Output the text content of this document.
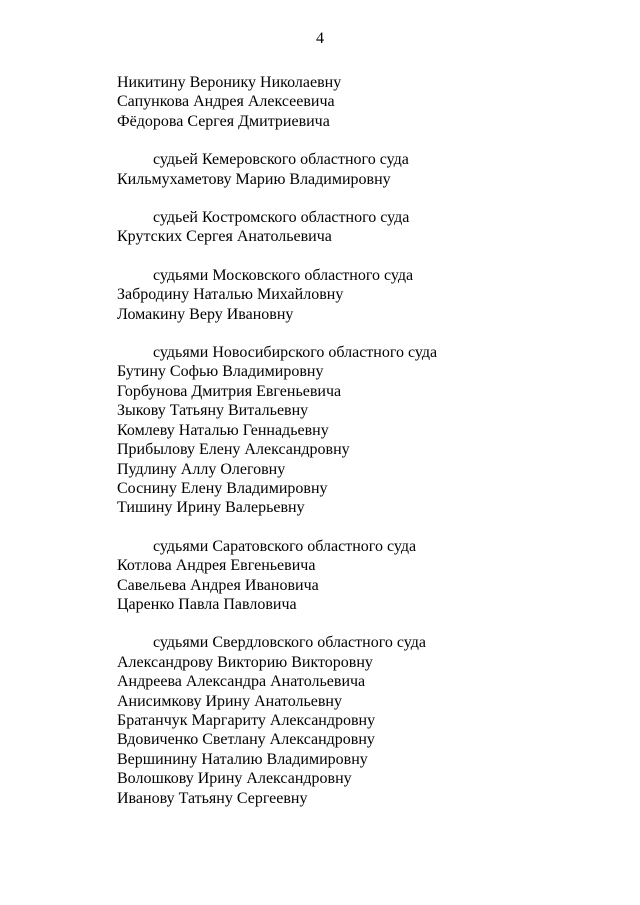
4
Никитину Веронику Николаевну
Сапункова Андрея Алексеевича
Фёдорова Сергея Дмитриевича
судьей Кемеровского областного суда
Кильмухаметову Марию Владимировну
судьей Костромского областного суда
Крутских Сергея Анатольевича
судьями Московского областного суда
Забродину Наталью Михайловну
Ломакину Веру Ивановну
судьями Новосибирского областного суда
Бутину Софью Владимировну
Горбунова Дмитрия Евгеньевича
Зыкову Татьяну Витальевну
Комлеву Наталью Геннадьевну
Прибылову Елену Александровну
Пудлину Аллу Олеговну
Соснину Елену Владимировну
Тишину Ирину Валерьевну
судьями Саратовского областного суда
Котлова Андрея Евгеньевича
Савельева Андрея Ивановича
Царенко Павла Павловича
судьями Свердловского областного суда
Александрову Викторию Викторовну
Андреева Александра Анатольевича
Анисимкову Ирину Анатольевну
Братанчук Маргариту Александровну
Вдовиченко Светлану Александровну
Вершинину Наталию Владимировну
Волошкову Ирину Александровну
Иванову Татьяну Сергеевну
